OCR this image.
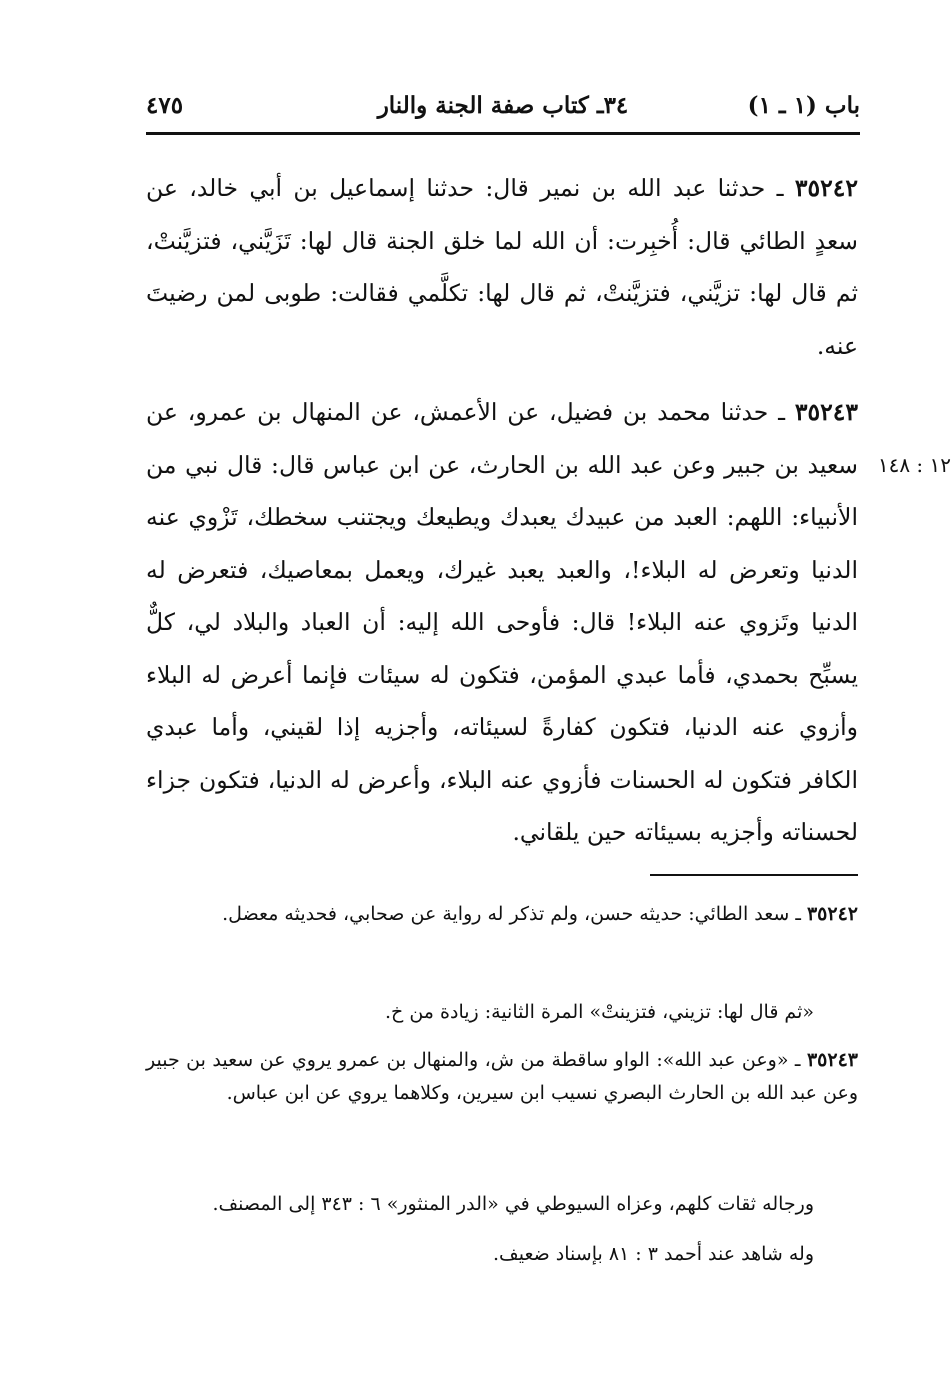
باب (١ ـ ١)
٣٤ـ كتاب صفة الجنة والنار
٤٧٥

٣٥٢٤٢ ـ حدثنا عبد الله بن نمير قال: حدثنا إسماعيل بن أبي خالد، عن سعدٍ الطائي قال: أُخبِرت: أن الله لما خلق الجنة قال لها: تَزَيَّني، فتزيَّنتْ، ثم قال لها: تزيَّني، فتزيَّنتْ، ثم قال لها: تكلَّمي فقالت: طوبى لمن رضيتَ عنه.

٣٥٢٤٣ ـ حدثنا محمد بن فضيل، عن الأعمش، عن المنهال بن عمرو، عن سعيد بن جبير وعن عبد الله بن الحارث، عن ابن عباس قال: قال نبي من الأنبياء: اللهم: العبد من عبيدك يعبدك ويطيعك ويجتنب سخطك، تَزْوي عنه الدنيا وتعرض له البلاء!، والعبد يعبد غيرك، ويعمل بمعاصيك، فتعرض له الدنيا وتَزوي عنه البلاء! قال: فأوحى الله إليه: أن العباد والبلاد لي، كلٌّ يسبِّح بحمدي، فأما عبدي المؤمن، فتكون له سيئات فإنما أعرض له البلاء وأزوي عنه الدنيا، فتكون كفارةً لسيئاته، وأجزيه إذا لقيني، وأما عبدي الكافر فتكون له الحسنات فأزوي عنه البلاء، وأعرض له الدنيا، فتكون جزاء لحسناته وأجزيه بسيئاته حين يلقاني.

١٢ : ١٤٨

٣٥٢٤٢ ـ سعد الطائي: حديثه حسن، ولم تذكر له رواية عن صحابي، فحديثه معضل.

«ثم قال لها: تزيني، فتزينتْ» المرة الثانية: زيادة من خ.

٣٥٢٤٣ ـ «وعن عبد الله»: الواو ساقطة من ش، والمنهال بن عمرو يروي عن سعيد بن جبير وعن عبد الله بن الحارث البصري نسيب ابن سيرين، وكلاهما يروي عن ابن عباس.

ورجاله ثقات كلهم، وعزاه السيوطي في «الدر المنثور» ٦ : ٣٤٣ إلى المصنف.

وله شاهد عند أحمد ٣ : ٨١ بإسناد ضعيف.
